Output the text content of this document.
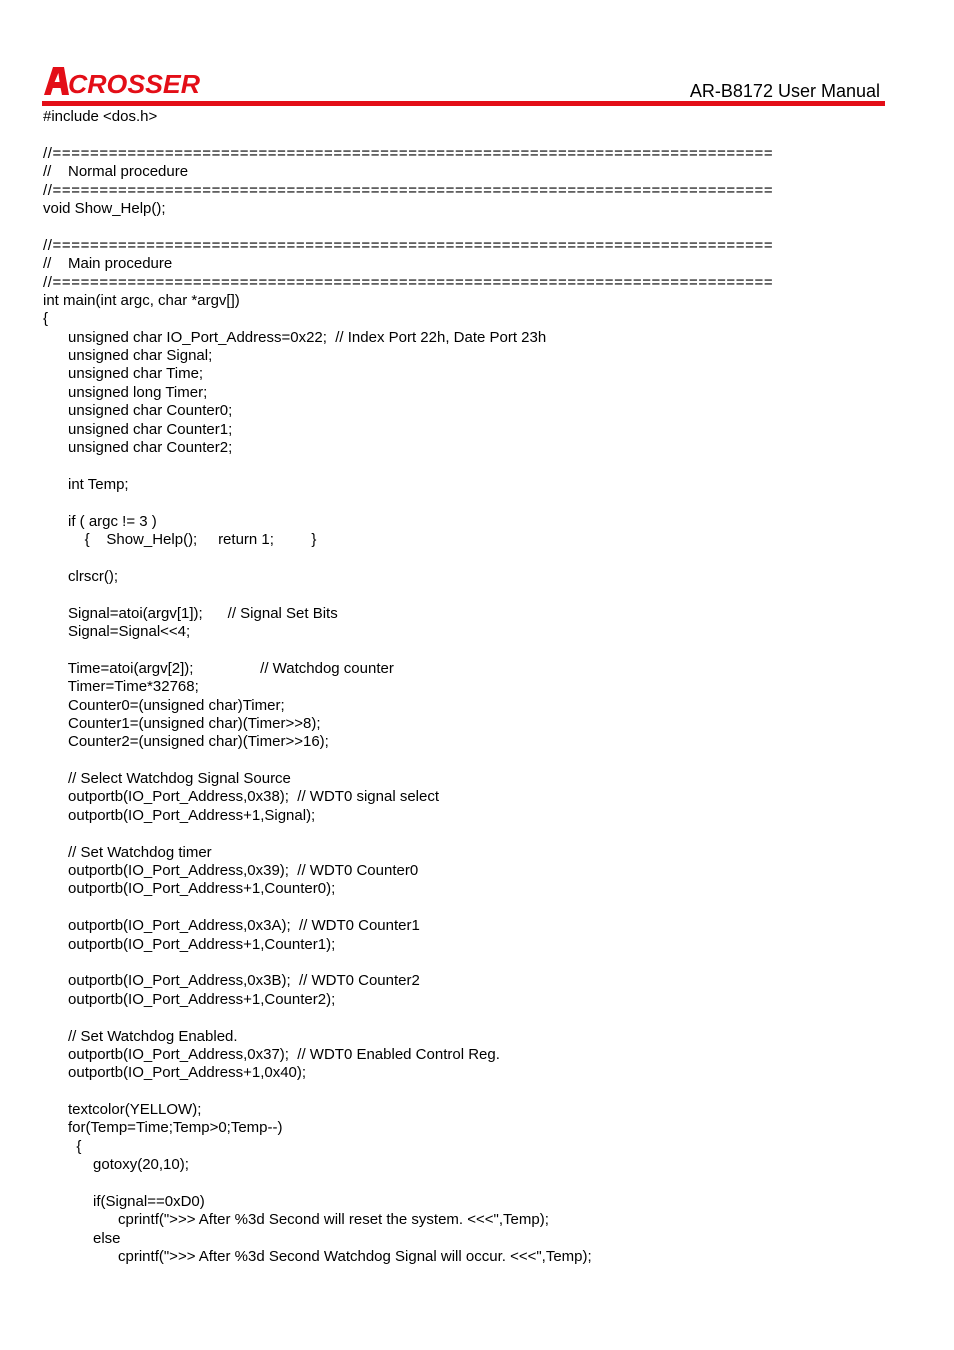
CROSSER	AR-B8172 User Manual
#include <dos.h>
//=============================================================================
//    Normal procedure
//=============================================================================
void Show_Help();
//=============================================================================
//    Main procedure
//=============================================================================
int main(int argc, char *argv[])
{
unsigned char IO_Port_Address=0x22;  // Index Port 22h, Date Port 23h
unsigned char Signal;
unsigned char Time;
unsigned long Timer;
unsigned char Counter0;
unsigned char Counter1;
unsigned char Counter2;
int Temp;
if ( argc != 3 )
{    Show_Help();     return 1;         }
clrscr();
Signal=atoi(argv[1]);      // Signal Set Bits
Signal=Signal<<4;
Time=atoi(argv[2]);                // Watchdog counter
Timer=Time*32768;
Counter0=(unsigned char)Timer;
Counter1=(unsigned char)(Timer>>8);
Counter2=(unsigned char)(Timer>>16);
// Select Watchdog Signal Source
outportb(IO_Port_Address,0x38);  // WDT0 signal select
outportb(IO_Port_Address+1,Signal);
// Set Watchdog timer
outportb(IO_Port_Address,0x39);  // WDT0 Counter0
outportb(IO_Port_Address+1,Counter0);
outportb(IO_Port_Address,0x3A);  // WDT0 Counter1
outportb(IO_Port_Address+1,Counter1);
outportb(IO_Port_Address,0x3B);  // WDT0 Counter2
outportb(IO_Port_Address+1,Counter2);
// Set Watchdog Enabled.
outportb(IO_Port_Address,0x37);  // WDT0 Enabled Control Reg.
outportb(IO_Port_Address+1,0x40);
textcolor(YELLOW);
for(Temp=Time;Temp>0;Temp--)
{
gotoxy(20,10);
if(Signal==0xD0)
cprintf(">>> After %3d Second will reset the system. <<<",Temp);
else
cprintf(">>> After %3d Second Watchdog Signal will occur. <<<",Temp);
